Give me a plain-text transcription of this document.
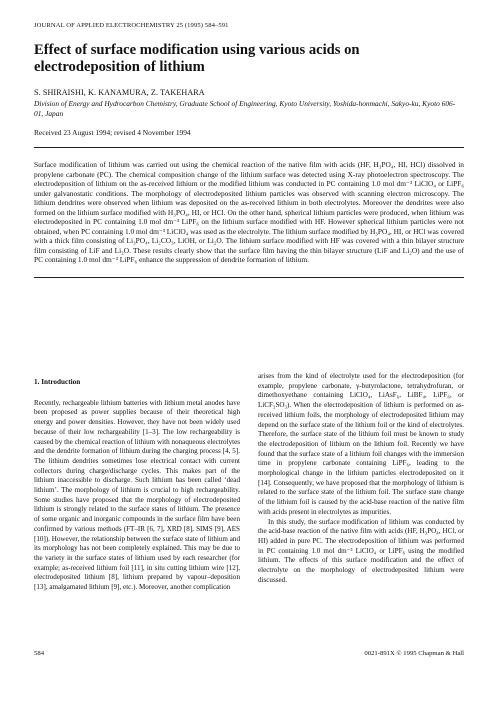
JOURNAL OF APPLIED ELECTROCHEMISTRY 25 (1995) 584–591
Effect of surface modification using various acids on electrodeposition of lithium
S. SHIRAISHI, K. KANAMURA, Z. TAKEHARA
Division of Energy and Hydrocarbon Chemistry, Graduate School of Engineering, Kyoto University, Yoshida-honmachi, Sakyo-ku, Kyoto 606-01, Japan
Received 23 August 1994; revised 4 November 1994
Surface modification of lithium was carried out using the chemical reaction of the native film with acids (HF, H₃PO₄, HI, HCl) dissolved in propylene carbonate (PC). The chemical composition change of the lithium surface was detected using X-ray photoelectron spectroscopy. The electrodeposition of lithium on the as-received lithium or the modified lithium was conducted in PC containing 1.0 mol dm⁻³ LiClO₄ or LiPF₆ under galvanostatic conditions. The morphology of electrodeposited lithium particles was observed with scanning electron microscopy. The lithium dendrites were observed when lithium was deposited on the as-received lithium in both electrolytes. Moreover the dendrites were also formed on the lithium surface modified with H₃PO₄, HI, or HCl. On the other hand, spherical lithium particles were produced, when lithium was electrodeposited in PC containing 1.0 mol dm⁻³ LiPF₆ on the lithium surface modified with HF. However spherical lithium particles were not obtained, when PC containing 1.0 mol dm⁻³ LiClO₄ was used as the electrolyte. The lithium surface modified by H₃PO₄, HI, or HCl was covered with a thick film consisting of Li₃PO₄, Li₂CO₃, LiOH, or Li₂O. The lithium surface modified with HF was covered with a thin bilayer structure film consisting of LiF and Li₂O. These results clearly show that the surface film having the thin bilayer structure (LiF and Li₂O) and the use of PC containing 1.0 mol dm⁻³ LiPF₆ enhance the suppression of dendrite formation of lithium.
1. Introduction

Recently, rechargeable lithium batteries with lithium metal anodes have been proposed as power supplies because of their theoretical high energy and power densities. However, they have not been widely used because of their low rechargeability [1–3]. The low rechargeability is caused by the chemical reaction of lithium with nonaqueous electrolytes and the dendrite formation of lithium during the charging process [4, 5]. The lithium dendrites sometimes lose electrical contact with current collectors during charge/discharge cycles. This makes part of the lithium inaccessible to discharge. Such lithium has been called ‘dead lithium’. The morphology of lithium is crucial to high rechargeability. Some studies have proposed that the morphology of electrodeposited lithium is strongly related to the surface states of lithium. The presence of some organic and inorganic compounds in the surface film have been confirmed by various methods (FT–IR [6, 7], XRD [8], SIMS [9], AES [10]). However, the relationship between the surface state of lithium and its morphology has not been completely explained. This may be due to the variety in the surface states of lithium used by each researcher (for example; as-received lithium foil [11], in situ cutting lithium wire [12], electrodeposited lithium [8], lithium prepared by vapour–deposition [13], amalgamated lithium [9], etc.). Moreover, another complication

arises from the kind of electrolyte used for the electrodeposition (for example, propylene carbonate, γ-butyrolactone, tetrahydrofuran, or dimethoxyethane containing LiClO₄, LiAsF₆, LiBF₄, LiPF₆, or LiCF₃SO₃). When the electrodeposition of lithium is performed on as-received lithium foils, the morphology of electrodeposited lithium may depend on the surface state of the lithium foil or the kind of electrolytes. Therefore, the surface state of the lithium foil must be known to study the electrodeposition of lithium on the lithium foil. Recently we have found that the surface state of a lithium foil changes with the immersion time in propylene carbonate containing LiPF₆, leading to the morphological change in the lithium particles electrodeposited on it [14]. Consequently, we have proposed that the morphology of lithium is related to the surface state of the lithium foil. The surface state change of the lithium foil is caused by the acid-base reaction of the native film with acids present in electrolytes as impurities.

In this study, the surface modification of lithium was conducted by the acid-base reaction of the native film with acids (HF, H₃PO₄, HCl, or HI) added in pure PC. The electrodeposition of lithium was performed in PC containing 1.0 mol dm⁻³ LiClO₄ or LiPF₆ using the modified lithium. The effects of this surface modification and the effect of electrolyte on the morphology of electrodeposited lithium were discussed.

584	0021-891X © 1995 Chapman & Hall
